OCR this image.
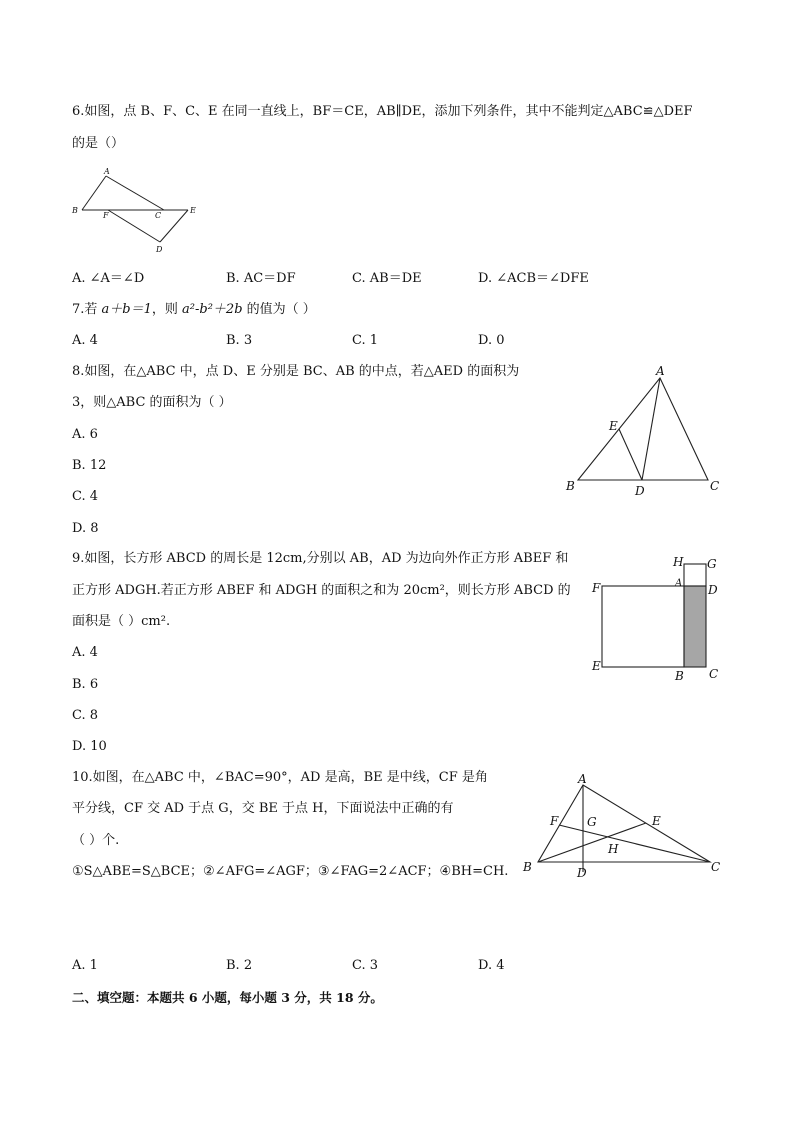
6.如图，点 B、F、C、E 在同一直线上，BF＝CE，AB∥DE，添加下列条件，其中不能判定△ABC≌△DEF
的是（）
A
B
F	C
E
D
A. ∠A＝∠D	B. AC＝DF	C. AB＝DE	D. ∠ACB＝∠DFE
7.若 a＋b＝1，则 a²-b²＋2b 的值为（ ）
A. 4	B. 3	C. 1	D. 0
8.如图，在△ABC 中，点 D、E 分别是 BC、AB 的中点，若△AED 的面积为
3，则△ABC 的面积为（ ）
A. 6
B. 12
C. 4
D. 8
A
E
B	D	C
9.如图，长方形 ABCD 的周长是 12cm,分别以 AB，AD 为边向外作正方形 ABEF 和
正方形 ADGH.若正方形 ABEF 和 ADGH 的面积之和为 20cm²，则长方形 ABCD 的
面积是（ ）cm².
A. 4
B. 6
C. 8
D. 10
H G
F	A D
E
B C
10.如图，在△ABC 中，∠BAC=90°，AD 是高，BE 是中线，CF 是角
平分线，CF 交 AD 于点 G，交 BE 于点 H，下面说法中正确的有
（ ）个.
①S△ABE=S△BCE；②∠AFG=∠AGF；③∠FAG=2∠ACF；④BH=CH.
A
F G	E
H
B	D	C
A. 1	B. 2	C. 3	D. 4
二、填空题：本题共 6 小题，每小题 3 分，共 18 分。
